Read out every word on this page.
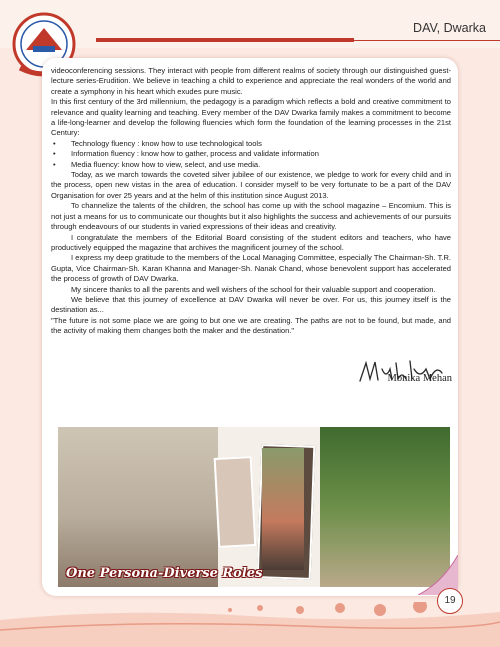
DAV, Dwarka

videoconferencing sessions. They interact with people from different realms of society through our distinguished guest-lecture series-Erudition. We believe in teaching a child to experience and appreciate the real wonders of the world and create a symphony in his heart which exudes pure music.

In this first century of the 3rd millennium, the pedagogy is a paradigm which reflects a bold and creative commitment to relevance and quality learning and teaching. Every member of the DAV Dwarka family makes a commitment to become a life-long-learner and develop the following fluencies which form the foundation of the learning processes in the 21st Century:

• Technology fluency : know how to use technological tools
• Information fluency : know how to gather, process and validate information
• Media fluency: know how to view, select, and use media.

Today, as we march towards the coveted silver jubilee of our existence, we pledge to work for every child and in the process, open new vistas in the area of education. I consider myself to be very fortunate to be a part of the DAV Organisation for over 25 years and at the helm of this institution since August 2013.

To channelize the talents of the children, the school has come up with the school magazine – Encomium. This is not just a means for us to communicate our thoughts but it also highlights the success and achievements of our pursuits through endeavours of our students in varied expressions of their ideas and creativity.

I congratulate the members of the Editorial Board consisting of the student editors and teachers, who have productively equipped the magazine that archives the magnificent journey of the school.

I express my deep gratitude to the members of the Local Managing Committee, especially The Chairman-Sh. T.R. Gupta, Vice Chairman-Sh. Karan Khanna and Manager-Sh. Nanak Chand, whose benevolent support has accelerated the process of growth of DAV Dwarka.

My sincere thanks to all the parents and well wishers of the school for their valuable support and cooperation.

We believe that this journey of excellence at DAV Dwarka will never be over. For us, this journey itself is the destination as...

"The future is not some place we are going to but one we are creating. The paths are not to be found, but made, and the activity of making them changes both the maker and the destination."

Monika Mehan
One Persona-Diverse Roles
19
